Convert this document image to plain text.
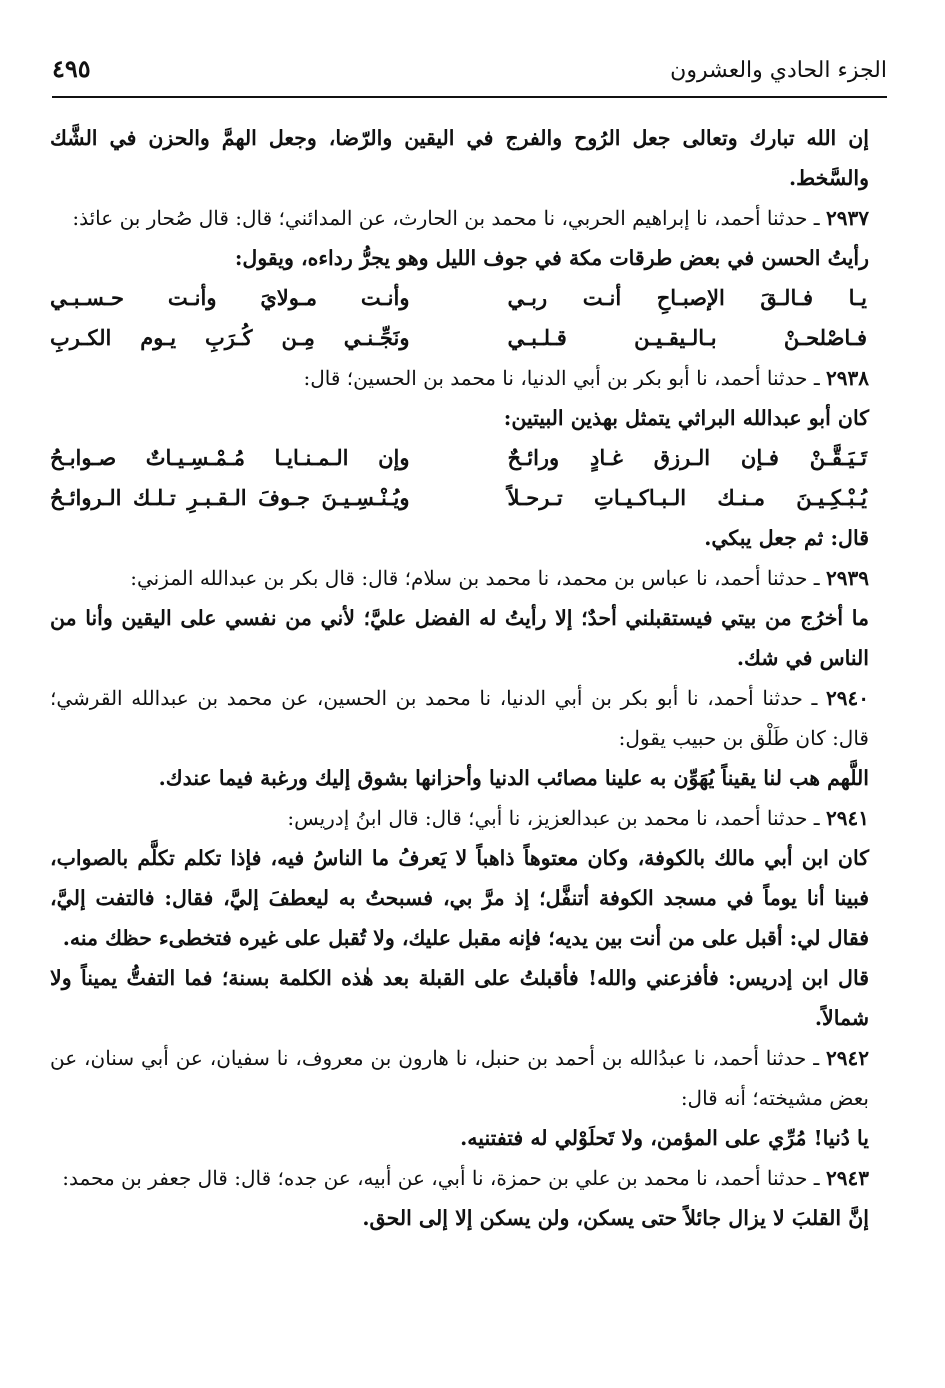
الجزء الحادي والعشرون
٤٩٥

إن الله تبارك وتعالى جعل الرُوح والفرج في اليقين والرّضا، وجعل الهمَّ والحزن في الشَّك والسَّخط.

٢٩٣٧ ـ حدثنا أحمد، نا إبراهيم الحربي، نا محمد بن الحارث، عن المدائني؛ قال: قال صُحار بن عائذ:

رأيتُ الحسن في بعض طرقات مكة في جوف الليل وهو يجرُّ رداءه، ويقول:

يـا فـالـقَ الإصبـاحِ أنـت ربـي
وأنـت مـولايَ وأنـت حـسـبـي
فـاصْلحـنْ بـالـيقـيـن قـلـبـي
ونَجِّـنـي مِـن كُـرَبِ يـوم الكـربِ

٢٩٣٨ ـ حدثنا أحمد، نا أبو بكر بن أبي الدنيا، نا محمد بن الحسين؛ قال:

كان أبو عبدالله البراثي يتمثل بهذين البيتين:

تَـيَـقَّـنْ فـإن الـرزق غـادٍ ورائـحٌ
وإن الـمـنـايـا مُـمْـسِـيـاتٌ صـوابـحُ
يُـبْـكِـيـنَ مـنـك الـبـاكـيـاتِ تـرحـلاً
ويُـنْـسِـيـنَ جـوفَ الـقـبـرِ تـلـك الـروائـحُ

قال: ثم جعل يبكي.

٢٩٣٩ ـ حدثنا أحمد، نا عباس بن محمد، نا محمد بن سلام؛ قال: قال بكر بن عبدالله المزني:

ما أخرُج من بيتي فيستقبلني أحدٌ؛ إلا رأيتُ له الفضل عليَّ؛ لأني من نفسي على اليقين وأنا من الناس في شك.

٢٩٤٠ ـ حدثنا أحمد، نا أبو بكر بن أبي الدنيا، نا محمد بن الحسين، عن محمد بن عبدالله القرشي؛ قال: كان طَلْق بن حبيب يقول:

اللَّهم هب لنا يقيناً يُهَوِّن به علينا مصائب الدنيا وأحزانها بشوق إليك ورغبة فيما عندك.

٢٩٤١ ـ حدثنا أحمد، نا محمد بن عبدالعزيز، نا أبي؛ قال: قال ابنُ إدريس:

كان ابن أبي مالك بالكوفة، وكان معتوهاً ذاهباً لا يَعرفُ ما الناسُ فيه، فإذا تكلم تكلَّم بالصواب، فبينا أنا يوماً في مسجد الكوفة أتنفَّل؛ إذ مرَّ بي، فسبحتُ به ليعطفَ إليَّ، فقال: فالتفت إليَّ، فقال لي: أقبل على من أنت بين يديه؛ فإنه مقبل عليك، ولا تُقبل على غيره فتخطىء حظك منه.

قال ابن إدريس: فأفزعني والله! فأقبلتُ على القبلة بعد هٰذه الكلمة بسنة؛ فما التفتُّ يميناً ولا شمالاً.

٢٩٤٢ ـ حدثنا أحمد، نا عبدُالله بن أحمد بن حنبل، نا هارون بن معروف، نا سفيان، عن أبي سنان، عن بعض مشيخته؛ أنه قال:

يا دُنيا! مُرِّي على المؤمن، ولا تَحلَوْلي له فتفتنيه.

٢٩٤٣ ـ حدثنا أحمد، نا محمد بن علي بن حمزة، نا أبي، عن أبيه، عن جده؛ قال: قال جعفر بن محمد:

إنَّ القلبَ لا يزال جائلاً حتى يسكن، ولن يسكن إلا إلى الحق.
